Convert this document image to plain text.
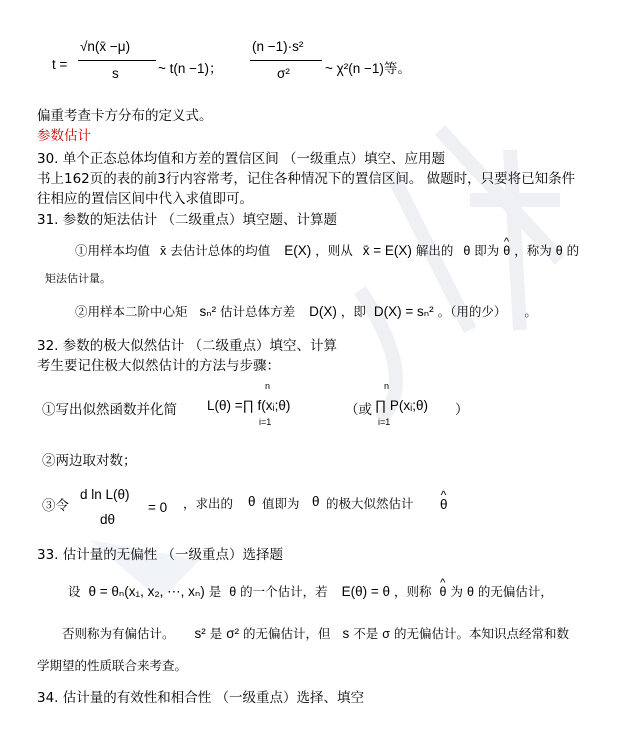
t =
√n(x̄ −μ)
s	~ t(n −1)；
(n −1)·s²
σ²	~ χ²(n −1)等。
偏重考查卡方分布的定义式。
参数估计
30. 单个正态总体均值和方差的置信区间 （一级重点）填空、应用题
书上162页的表的前3行内容常考，记住各种情况下的置信区间。 做题时，只要将已知条件
往相应的置信区间中代入求值即可。
31. 参数的矩法估计 （二级重点）填空题、计算题
①用样本均值 x̄ 去估计总体的均值 E(X) ，则从 x̄ = E(X) 解出的 θ 即为 ^ θ ，称为 θ 的
矩法估计量。
②用样本二阶中心矩 sₙ² 估计总体方差 D(X) ，即 D(X) = sₙ² 。（用的少） 。
32. 参数的极大似然估计 （二级重点）填空、计算
考生要记住极大似然估计的方法与步骤：
①写出似然函数并化简
n
L(θ) =∏ f(xᵢ;θ)
i=1
（或
n
∏ P(xᵢ;θ)
i=1
）
②两边取对数；
③令
d ln L(θ)
dθ
= 0 ，求出的 θ 值即为 θ 的极大似然估计 ^ θ
33. 估计量的无偏性 （一级重点）选择题
设 θ = θₙ(x₁, x₂, ⋯, xₙ) 是 θ 的一个估计，若 E(θ) = θ ，则称 ^ θ 为 θ 的无偏估计，
否则称为有偏估计。 s² 是 σ² 的无偏估计，但 s 不是 σ 的无偏估计。本知识点经常和数
学期望的性质联合来考查。
34. 估计量的有效性和相合性 （一级重点）选择、填空
